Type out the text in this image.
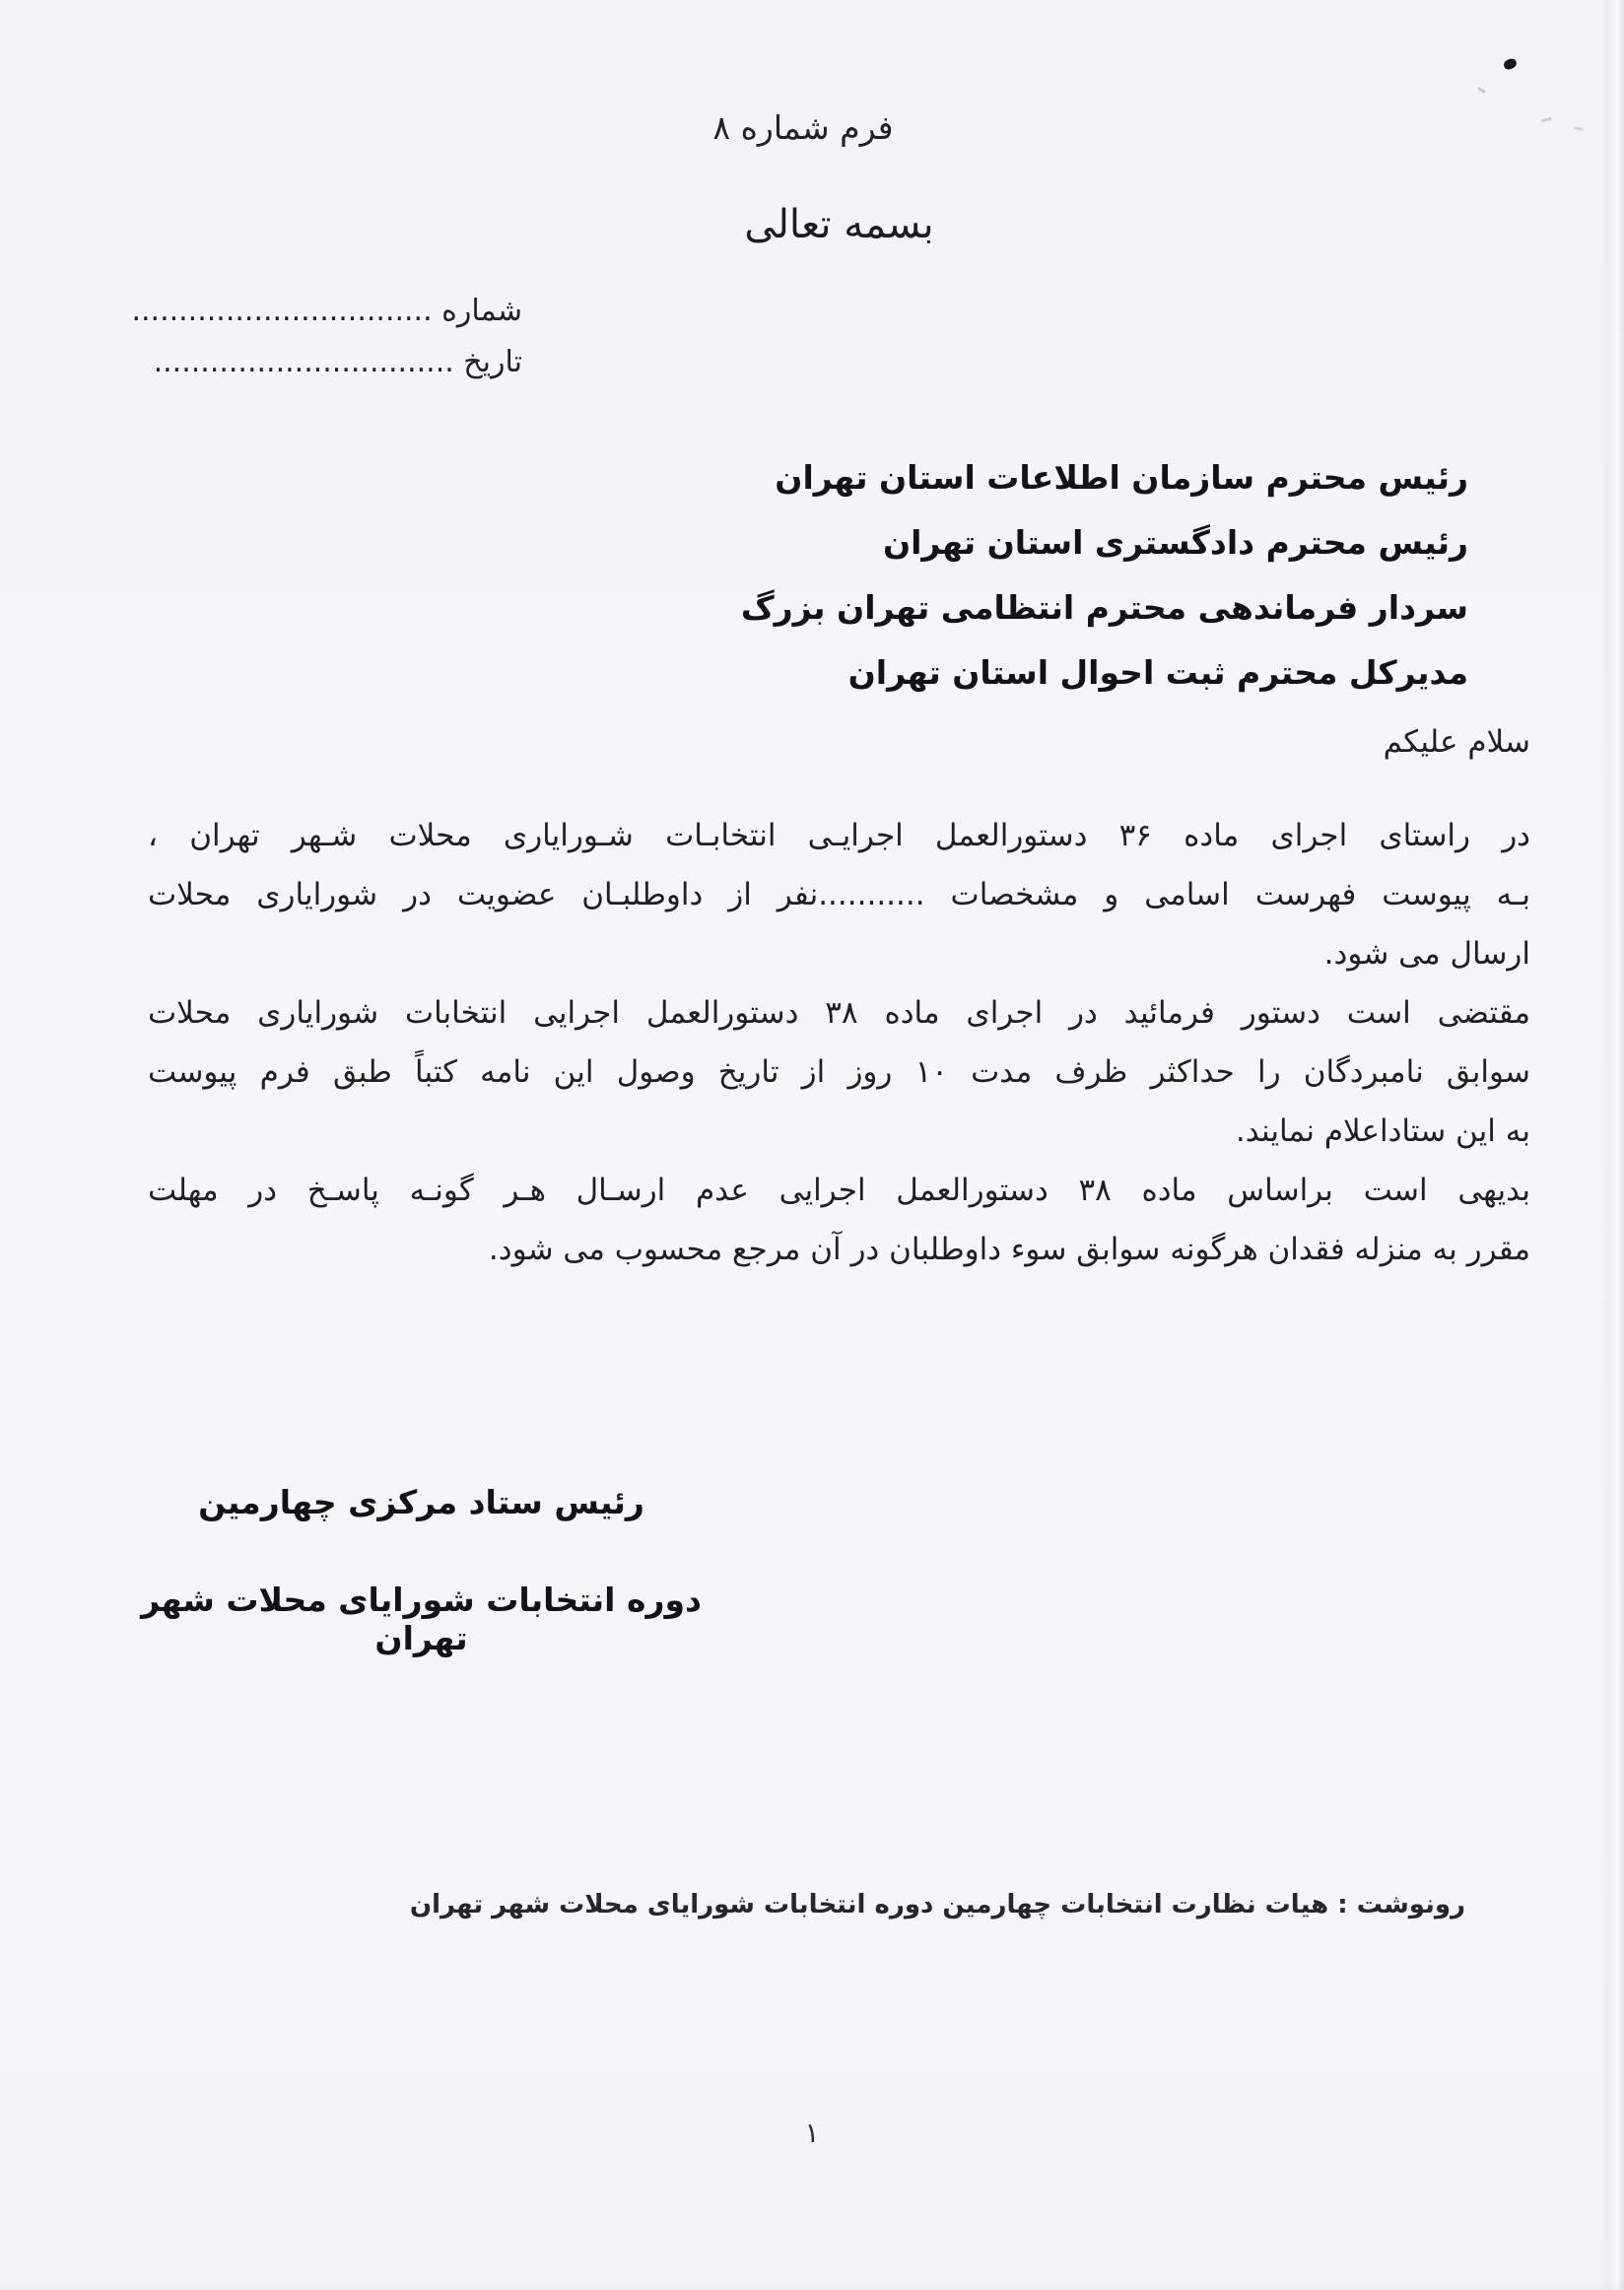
فرم شماره ۸
بسمه تعالی
شماره ................................
تاریخ ................................
رئیس محترم سازمان اطلاعات استان تهران
رئیس محترم دادگستری استان تهران
سردار فرماندهی محترم انتظامی تهران بزرگ
مدیرکل محترم ثبت احوال استان تهران
سلام علیکم
در راستای اجرای ماده ۳۶ دستورالعمل اجرایـی انتخابـات شـورایاری محلات شـهر تهران ،
بـه پیوست فهرست اسامی و مشخصات ...........نفر از داوطلبـان عضویت در شورایاری محلات
ارسال می شود.
مقتضی است دستور فرمائید در اجرای ماده ۳۸ دستورالعمل اجرایی انتخابات شورایاری محلات
سوابق نامبردگان را حداکثر ظرف مدت ۱۰ روز از تاریخ وصول این نامه کتباً طبق فرم پیوست
به این ستاداعلام نمایند.
بدیهی است براساس ماده ۳۸ دستورالعمل اجرایی عدم ارسـال هـر گونـه پاسـخ در مهلت
مقرر به منزله فقدان هرگونه سوابق سوء داوطلبان در آن مرجع محسوب می شود.
رئیس ستاد مرکزی چهارمین
دوره انتخابات شورایای محلات شهر تهران
رونوشت : هیات نظارت انتخابات چهارمین دوره انتخابات شورایای محلات شهر تهران
۱
